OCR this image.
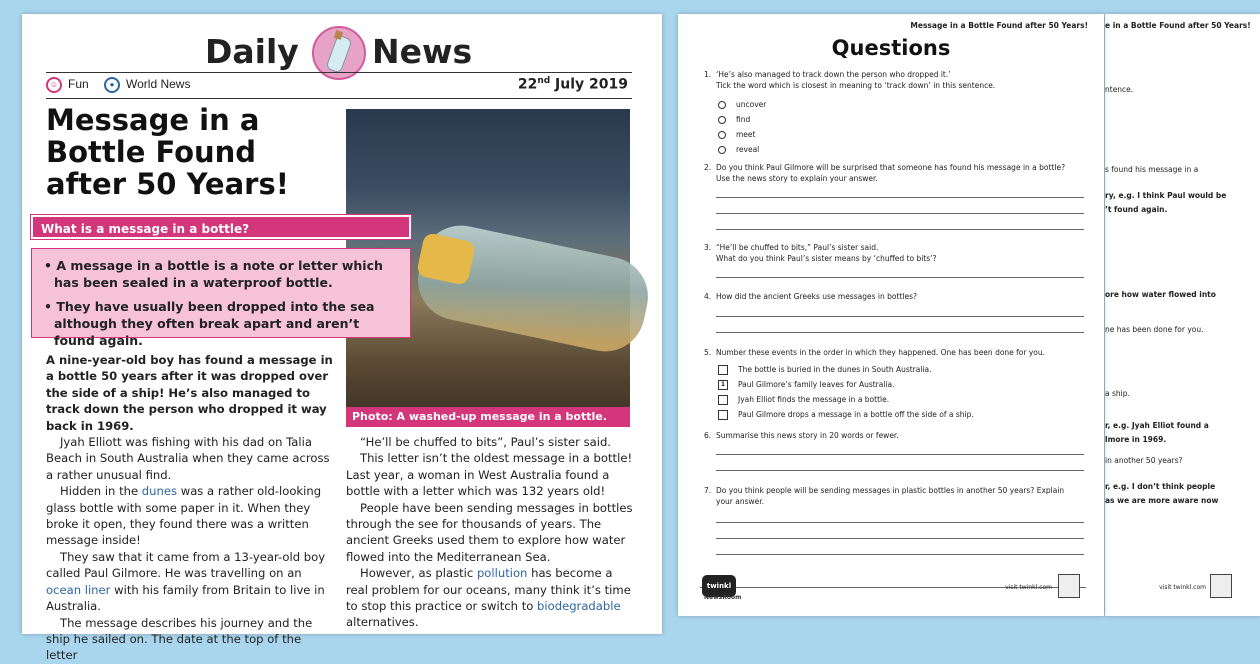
e in a Bottle Found after 50 Years!
ntence.
s found his message in a
ry, e.g. I think Paul would be
’t found again.
ore how water flowed into
ne has been done for you.
a ship.
r, e.g. Jyah Elliot found a
lmore in 1969.
in another 50 years?
r, e.g. I don’t think people
as we are more aware now
visit twinkl.com
Message in a Bottle Found after 50 Years!
Questions
1. ‘He’s also managed to track down the person who dropped it.’
Tick the word which is closest in meaning to ‘track down’ in this sentence.
uncover
find
meet
reveal
2. Do you think Paul Gilmore will be surprised that someone has found his message in a bottle? Use the news story to explain your answer.
3. “He’ll be chuffed to bits,” Paul’s sister said.
What do you think Paul’s sister means by ‘chuffed to bits’?
4. How did the ancient Greeks use messages in bottles?
5. Number these events in the order in which they happened. One has been done for you.
The bottle is buried in the dunes in South Australia.
1 Paul Gilmore’s family leaves for Australia.
Jyah Elliot finds the message in a bottle.
Paul Gilmore drops a message in a bottle off the side of a ship.
6. Summarise this news story in 20 words or fewer.
7. Do you think people will be sending messages in plastic bottles in another 50 years? Explain your answer.
twinkl
NewsRoom
visit twinkl.com
Daily News
☺ Fun	● World News	22nd July 2019
Message in a Bottle Found after 50 Years!
Photo: A washed-up message in a bottle.
What is a message in a bottle?
• A message in a bottle is a note or letter which has been sealed in a waterproof bottle.
• They have usually been dropped into the sea although they often break apart and aren’t found again.

A nine-year-old boy has found a message in a bottle 50 years after it was dropped over the side of a ship! He’s also managed to track down the person who dropped it way back in 1969.

Jyah Elliott was fishing with his dad on Talia Beach in South Australia when they came across a rather unusual find.

Hidden in the dunes was a rather old-looking glass bottle with some paper in it. When they broke it open, they found there was a written message inside!

They saw that it came from a 13-year-old boy called Paul Gilmore. He was travelling on an ocean liner with his family from Britain to live in Australia.

The message describes his journey and the ship he sailed on. The date at the top of the letter

“He’ll be chuffed to bits”, Paul’s sister said.

This letter isn’t the oldest message in a bottle! Last year, a woman in West Australia found a bottle with a letter which was 132 years old!

People have been sending messages in bottles through the see for thousands of years. The ancient Greeks used them to explore how water flowed into the Mediterranean Sea.

However, as plastic pollution has become a real problem for our oceans, many think it’s time to stop this practice or switch to biodegradable alternatives.
